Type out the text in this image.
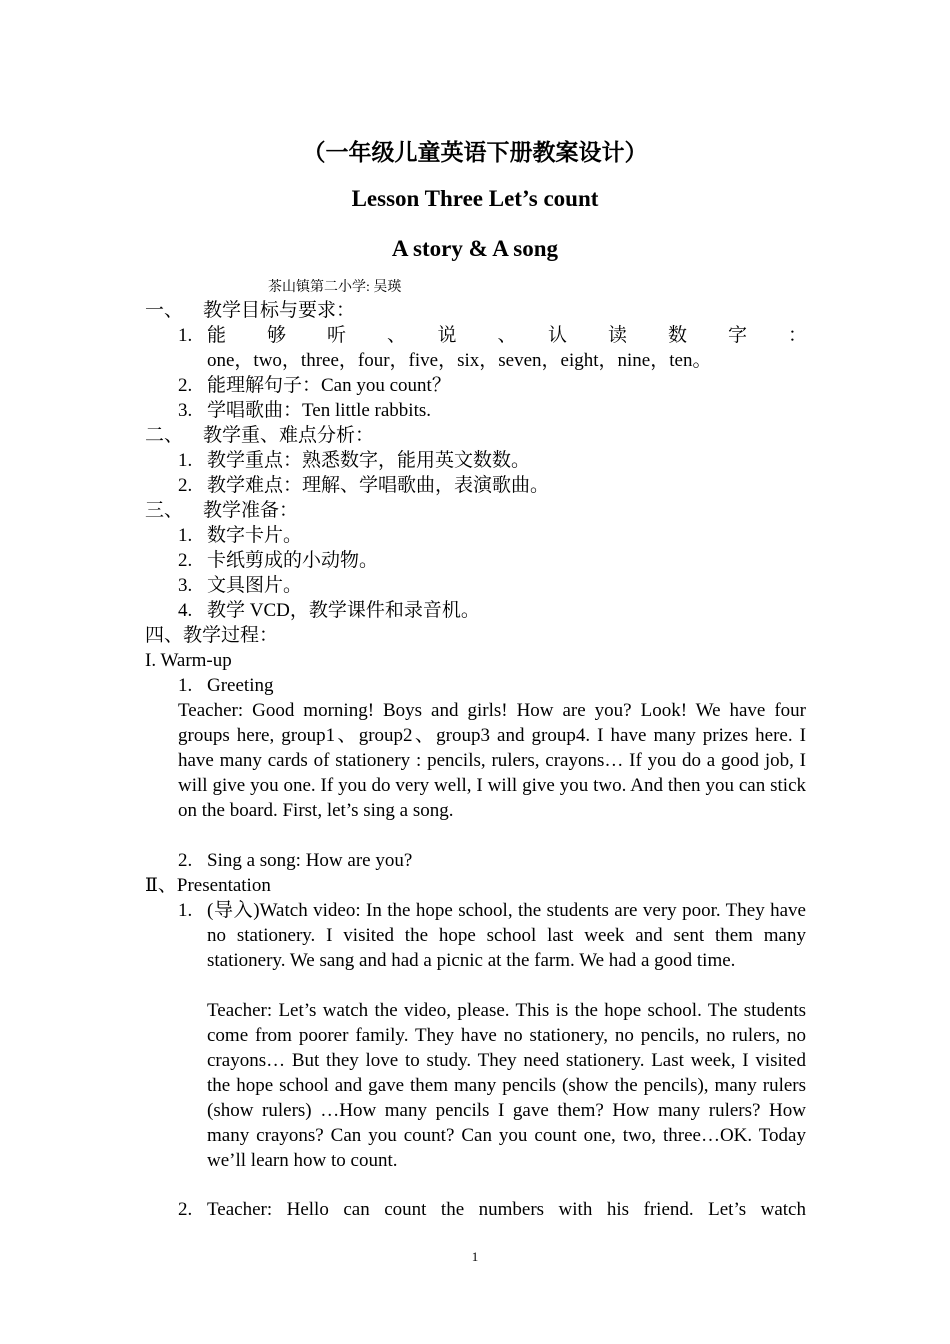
（一年级儿童英语下册教案设计）
Lesson Three Let’s count
A story & A song
茶山镇第二小学: 吴瑛
一、 教学目标与要求：
1. 能　够　听　、　说　、　认　读　数　字　：
one，two，three，four，five，six，seven，eight，nine，ten。
2. 能理解句子：Can you count？
3. 学唱歌曲：Ten little rabbits.
二、 教学重、难点分析：
1. 教学重点：熟悉数字，能用英文数数。
2. 教学难点：理解、学唱歌曲，表演歌曲。
三、 教学准备：
1. 数字卡片。
2. 卡纸剪成的小动物。
3. 文具图片。
4. 教学 VCD，教学课件和录音机。
四、教学过程：
I. Warm-up
1. Greeting
Teacher: Good morning! Boys and girls! How are you? Look! We have four groups here, group1、group2、group3 and group4. I have many prizes here. I have many cards of stationery : pencils, rulers, crayons… If you do a good job, I will give you one. If you do very well, I will give you two. And then you can stick on the board. First, let’s sing a song.
2. Sing a song: How are you?
Ⅱ、Presentation
1. (导入)Watch video: In the hope school, the students are very poor. They have no stationery. I visited the hope school last week and sent them many stationery. We sang and had a picnic at the farm. We had a good time.
Teacher: Let’s watch the video, please. This is the hope school. The students come from poorer family. They have no stationery, no pencils, no rulers, no crayons… But they love to study. They need stationery. Last week, I visited the hope school and gave them many pencils (show the pencils), many rulers (show rulers) …How many pencils I gave them? How many rulers? How many crayons? Can you count? Can you count one, two, three…OK. Today we’ll learn how to count.
2. Teacher: Hello can count the numbers with his friend. Let’s watch
1
